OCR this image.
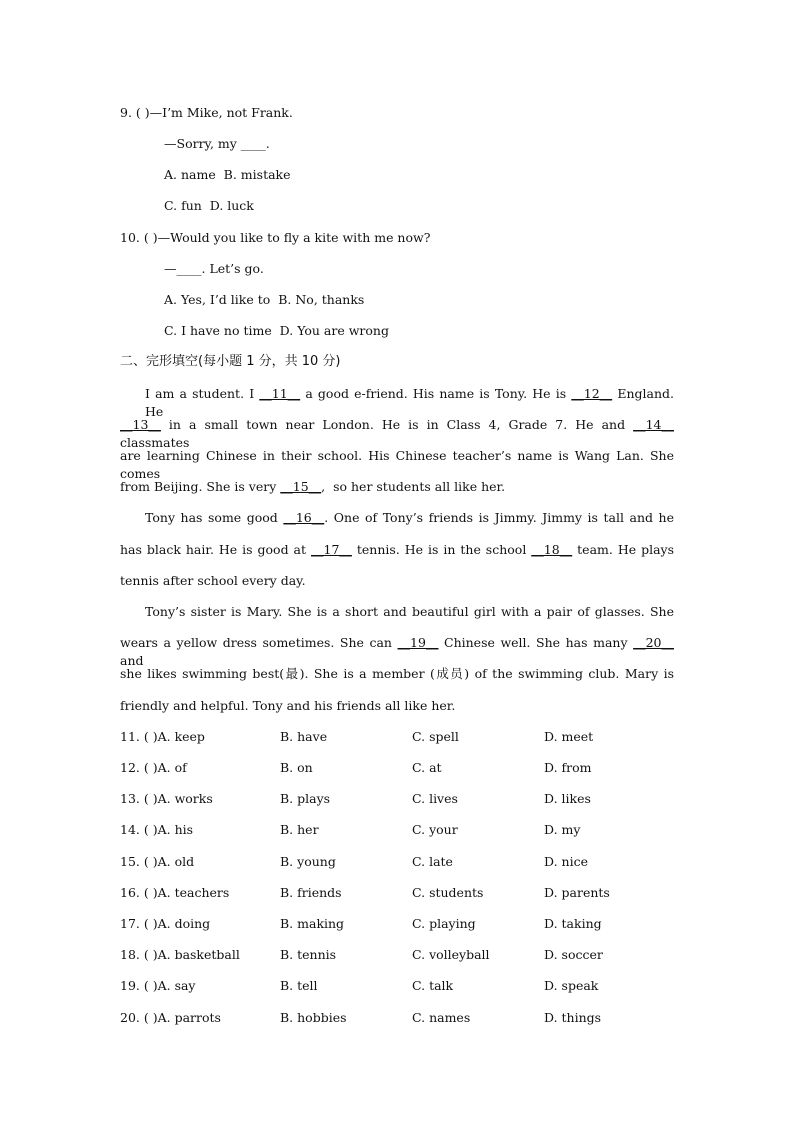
9. ( )—I’m Mike, not Frank.
—Sorry, my ____.
A. name  B. mistake
C. fun  D. luck
10. ( )—Would you like to fly a kite with me now?
—____. Let’s go.
A. Yes, I’d like to  B. No, thanks
C. I have no time  D. You are wrong
二、完形填空(每小题 1 分，共 10 分)
I am a student. I __11__ a good e-friend. His name is Tony. He is __12__ England. He
__13__ in a small town near London. He is in Class 4, Grade 7. He and __14__ classmates
are learning Chinese in their school. His Chinese teacher’s name is Wang Lan. She comes
from Beijing. She is very __15__,  so her students all like her.
Tony has some good __16__. One of Tony’s friends is Jimmy. Jimmy is tall and he
has black hair. He is good at __17__ tennis. He is in the school __18__ team. He plays
tennis after school every day.
Tony’s sister is Mary. She is a short and beautiful girl with a pair of glasses. She
wears a yellow dress sometimes. She can __19__ Chinese well. She has many __20__ and
she likes swimming best(最). She is a member (成员) of the swimming club. Mary is
friendly and helpful. Tony and his friends all like her.
11. ( )A. keep	B. have	C. spell	D. meet
12. ( )A. of	B. on	C. at	D. from
13. ( )A. works	B. plays	C. lives	D. likes
14. ( )A. his	B. her	C. your	D. my
15. ( )A. old	B. young	C. late	D. nice
16. ( )A. teachers	B. friends	C. students	D. parents
17. ( )A. doing	B. making	C. playing	D. taking
18. ( )A. basketball	B. tennis	C. volleyball	D. soccer
19. ( )A. say	B. tell	C. talk	D. speak
20. ( )A. parrots	B. hobbies	C. names	D. things
